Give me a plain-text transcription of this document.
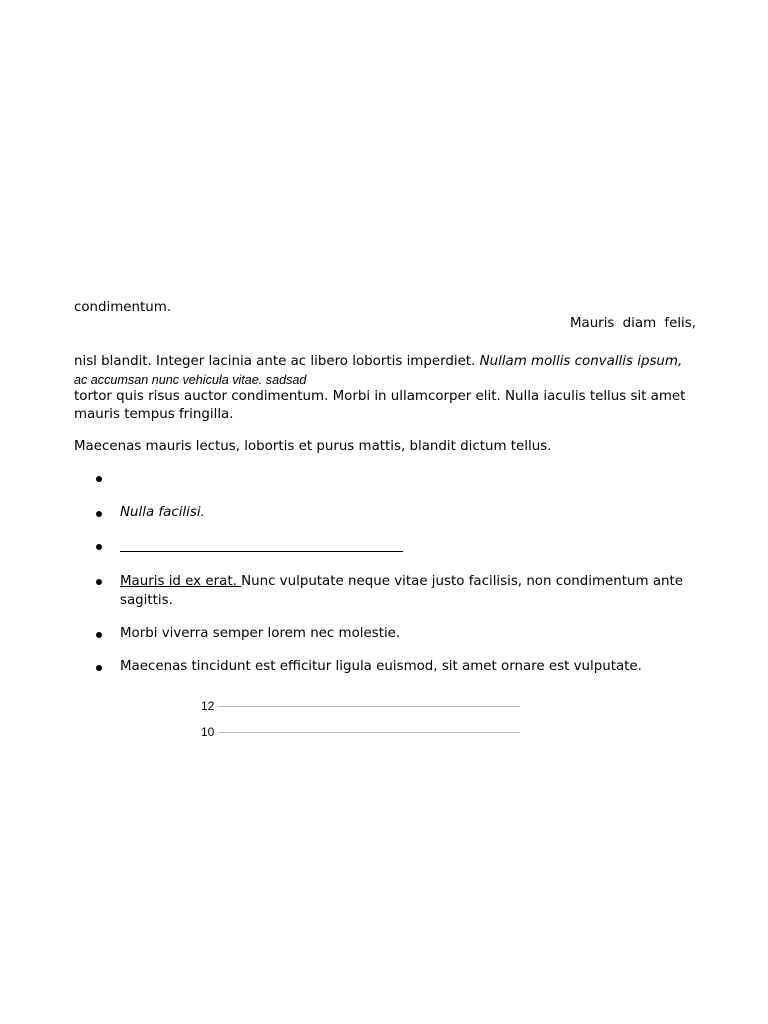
condimentum.
Mauris diam felis,
nisl blandit. Integer lacinia ante ac libero lobortis imperdiet. Nullam mollis convallis ipsum,
ac accumsan nunc vehicula vitae. sadsad
tortor quis risus auctor condimentum. Morbi in ullamcorper elit. Nulla iaculis tellus sit amet
mauris tempus fringilla.
Maecenas mauris lectus, lobortis et purus mattis, blandit dictum tellus.
Nulla facilisi.
Mauris id ex erat. Nunc vulputate neque vitae justo facilisis, non condimentum ante
sagittis.
Morbi viverra semper lorem nec molestie.
Maecenas tincidunt est efficitur ligula euismod, sit amet ornare est vulputate.
12
10
